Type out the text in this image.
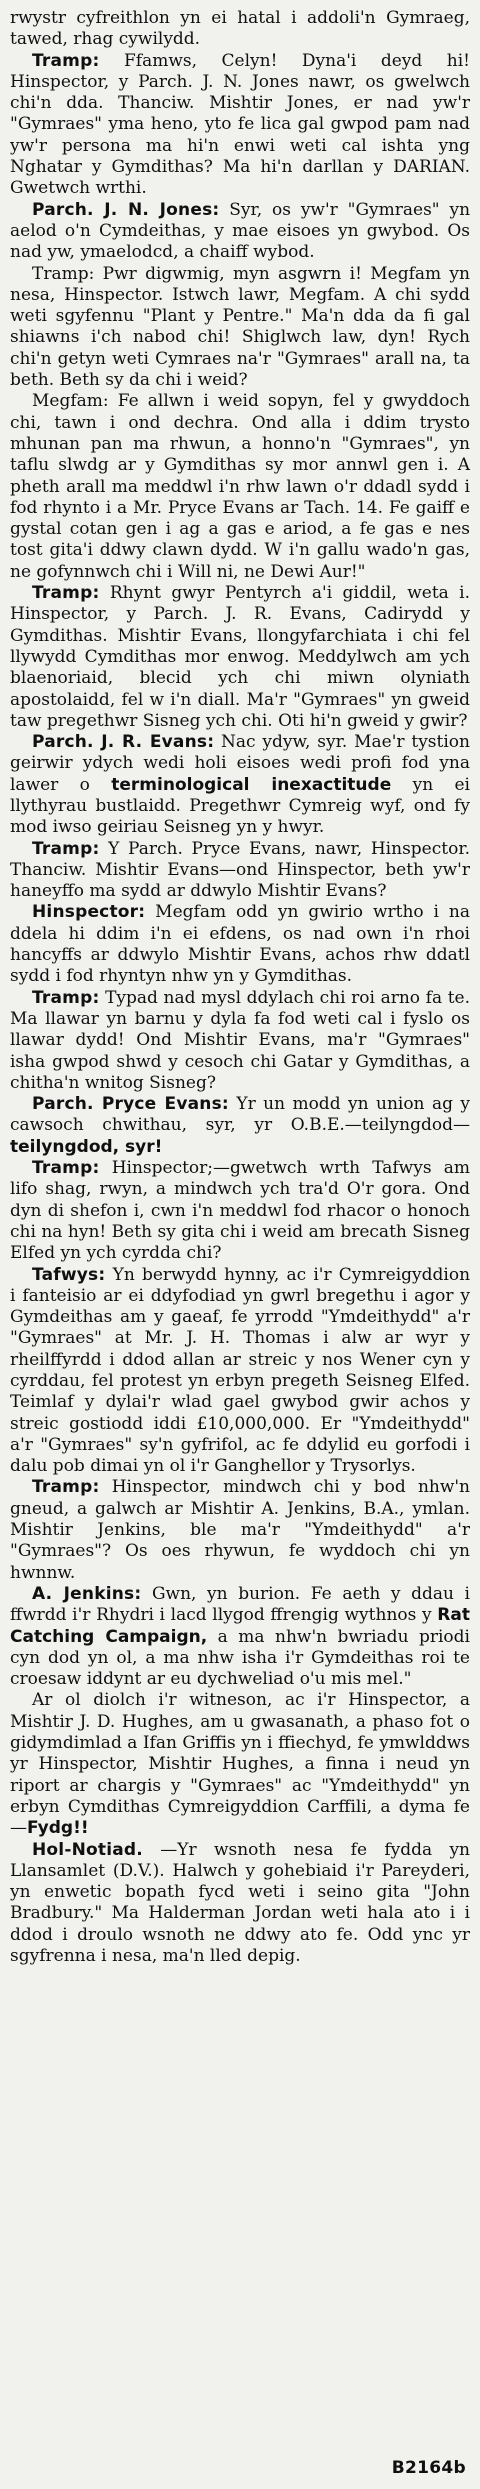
rwystr cyfreithlon yn ei hatal i addoli'n Gymraeg, tawed, rhag cywilydd.

Tramp: Ffamws, Celyn! Dyna'i deyd hi! Hinspector, y Parch. J. N. Jones nawr, os gwelwch chi'n dda. Thanciw. Mishtir Jones, er nad yw'r "Gymraes" yma heno, yto fe lica gal gwpod pam nad yw'r persona ma hi'n enwi weti cal ishta yng Nghatar y Gymdithas? Ma hi'n darllan y DARIAN. Gwetwch wrthi.

Parch. J. N. Jones: Syr, os yw'r "Gymraes" yn aelod o'n Cymdeithas, y mae eisoes yn gwybod. Os nad yw, ymaelodcd, a chaiff wybod.

Tramp: Pwr digwmig, myn asgwrn i! Megfam yn nesa, Hinspector. Istwch lawr, Megfam. A chi sydd weti sgyfennu "Plant y Pentre." Ma'n dda da fi gal shiawns i'ch nabod chi! Shiglwch law, dyn! Rych chi'n getyn weti Cymraes na'r "Gymraes" arall na, ta beth. Beth sy da chi i weid?

Megfam: Fe allwn i weid sopyn, fel y gwyddoch chi, tawn i ond dechra. Ond alla i ddim trysto mhunan pan ma rhwun, a honno'n "Gymraes", yn taflu slwdg ar y Gymdithas sy mor annwl gen i. A pheth arall ma meddwl i'n rhw lawn o'r ddadl sydd i fod rhynto i a Mr. Pryce Evans ar Tach. 14. Fe gaiff e gystal cotan gen i ag a gas e ariod, a fe gas e nes tost gita'i ddwy clawn dydd. W i'n gallu wado'n gas, ne gofynnwch chi i Will ni, ne Dewi Aur!"

Tramp: Rhynt gwyr Pentyrch a'i giddil, weta i. Hinspector, y Parch. J. R. Evans, Cadirydd y Gymdithas. Mishtir Evans, llongyfarchiata i chi fel llywydd Cymdithas mor enwog. Meddylwch am ych blaenoriaid, blecid ych chi miwn olyniath apostolaidd, fel w i'n diall. Ma'r "Gymraes" yn gweid taw pregethwr Sisneg ych chi. Oti hi'n gweid y gwir?

Parch. J. R. Evans: Nac ydyw, syr. Mae'r tystion geirwir ydych wedi holi eisoes wedi profi fod yna lawer o terminological inexactitude yn ei llythyrau bustlaidd. Pregethwr Cymreig wyf, ond fy mod iwso geiriau Seisneg yn y hwyr.

Tramp: Y Parch. Pryce Evans, nawr, Hinspector. Thanciw. Mishtir Evans—ond Hinspector, beth yw'r haneyffo ma sydd ar ddwylo Mishtir Evans?

Hinspector: Megfam odd yn gwirio wrtho i na ddela hi ddim i'n ei efdens, os nad own i'n rhoi hancyffs ar ddwylo Mishtir Evans, achos rhw ddatl sydd i fod rhyntyn nhw yn y Gymdithas.

Tramp: Typad nad mysl ddylach chi roi arno fa te. Ma llawar yn barnu y dyla fa fod weti cal i fyslo os llawar dydd! Ond Mishtir Evans, ma'r "Gymraes" isha gwpod shwd y cesoch chi Gatar y Gymdithas, a chitha'n wnitog Sisneg?

Parch. Pryce Evans: Yr un modd yn union ag y cawsoch chwithau, syr, yr O.B.E.—teilyngdod—teilyngdod, syr!

Tramp: Hinspector;—gwetwch wrth Tafwys am lifo shag, rwyn, a mindwch ych tra'd O'r gora. Ond dyn di shefon i, cwn i'n meddwl fod rhacor o honoch chi na hyn! Beth sy gita chi i weid am brecath Sisneg Elfed yn ych cyrdda chi?

Tafwys: Yn berwydd hynny, ac i'r Cymreigyddion i fanteisio ar ei ddyfodiad yn gwrl bregethu i agor y Gymdeithas am y gaeaf, fe yrrodd "Ymdeithydd" a'r "Gymraes" at Mr. J. H. Thomas i alw ar wyr y rheilffyrdd i ddod allan ar streic y nos Wener cyn y cyrddau, fel protest yn erbyn pregeth Seisneg Elfed. Teimlaf y dylai'r wlad gael gwybod gwir achos y streic gostiodd iddi £10,000,000. Er "Ymdeithydd" a'r "Gymraes" sy'n gyfrifol, ac fe ddylid eu gorfodi i dalu pob dimai yn ol i'r Ganghellor y Trysorlys.

Tramp: Hinspector, mindwch chi y bod nhw'n gneud, a galwch ar Mishtir A. Jenkins, B.A., ymlan. Mishtir Jenkins, ble ma'r "Ymdeithydd" a'r "Gymraes"? Os oes rhywun, fe wyddoch chi yn hwnnw.

A. Jenkins: Gwn, yn burion. Fe aeth y ddau i ffwrdd i'r Rhydri i lacd llygod ffrengig wythnos y Rat Catching Campaign, a ma nhw'n bwriadu priodi cyn dod yn ol, a ma nhw isha i'r Gymdeithas roi te croesaw iddynt ar eu dychweliad o'u mis mel."

Ar ol diolch i'r witneson, ac i'r Hinspector, a Mishtir J. D. Hughes, am u gwasanath, a phaso fot o gidymdimlad a Ifan Griffis yn i ffiechyd, fe ymwlddws yr Hinspector, Mishtir Hughes, a finna i neud yn riport ar chargis y "Gymraes" ac "Ymdeithydd" yn erbyn Cymdithas Cymreigyddion Carffili, a dyma fe—Fydg!!

Hol-Notiad. —Yr wsnoth nesa fe fydda yn Llansamlet (D.V.). Halwch y gohebiaid i'r Pareyderi, yn enwetic bopath fycd weti i seino gita "John Bradbury." Ma Halderman Jordan weti hala ato i i ddod i droulo wsnoth ne ddwy ato fe. Odd ync yr sgyfrenna i nesa, ma'n lled depig.

B2164b
